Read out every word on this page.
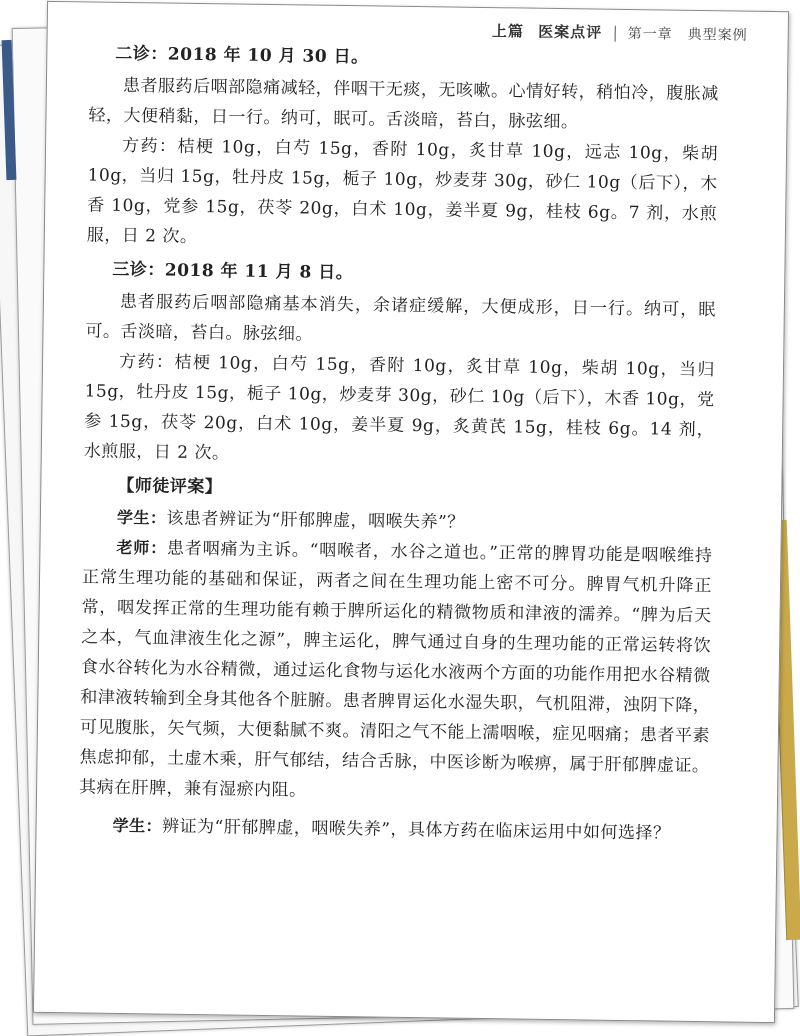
上篇 医案点评 第一章　典型案例
二诊：2018 年 10 月 30 日。

患者服药后咽部隐痛减轻，伴咽干无痰，无咳嗽。心情好转，稍怕冷，腹胀减轻，大便稍黏，日一行。纳可，眠可。舌淡暗，苔白，脉弦细。

方药：桔梗 10g，白芍 15g，香附 10g，炙甘草 10g，远志 10g，柴胡 10g，当归 15g，牡丹皮 15g，栀子 10g，炒麦芽 30g，砂仁 10g（后下），木香 10g，党参 15g，茯苓 20g，白术 10g，姜半夏 9g，桂枝 6g。7 剂，水煎服，日 2 次。

三诊：2018 年 11 月 8 日。

患者服药后咽部隐痛基本消失，余诸症缓解，大便成形，日一行。纳可，眠可。舌淡暗，苔白。脉弦细。

方药：桔梗 10g，白芍 15g，香附 10g，炙甘草 10g，柴胡 10g，当归 15g，牡丹皮 15g，栀子 10g，炒麦芽 30g，砂仁 10g（后下），木香 10g，党参 15g，茯苓 20g，白术 10g，姜半夏 9g，炙黄芪 15g，桂枝 6g。14 剂，水煎服，日 2 次。

【师徒评案】

学生：该患者辨证为“肝郁脾虚，咽喉失养”？

老师：患者咽痛为主诉。“咽喉者，水谷之道也。”正常的脾胃功能是咽喉维持正常生理功能的基础和保证，两者之间在生理功能上密不可分。脾胃气机升降正常，咽发挥正常的生理功能有赖于脾所运化的精微物质和津液的濡养。“脾为后天之本，气血津液生化之源”，脾主运化，脾气通过自身的生理功能的正常运转将饮食水谷转化为水谷精微，通过运化食物与运化水液两个方面的功能作用把水谷精微和津液转输到全身其他各个脏腑。患者脾胃运化水湿失职，气机阻滞，浊阴下降，可见腹胀，矢气频，大便黏腻不爽。清阳之气不能上濡咽喉，症见咽痛；患者平素焦虑抑郁，土虚木乘，肝气郁结，结合舌脉，中医诊断为喉痹，属于肝郁脾虚证。其病在肝脾，兼有湿瘀内阻。

学生：辨证为“肝郁脾虚，咽喉失养”，具体方药在临床运用中如何选择？
